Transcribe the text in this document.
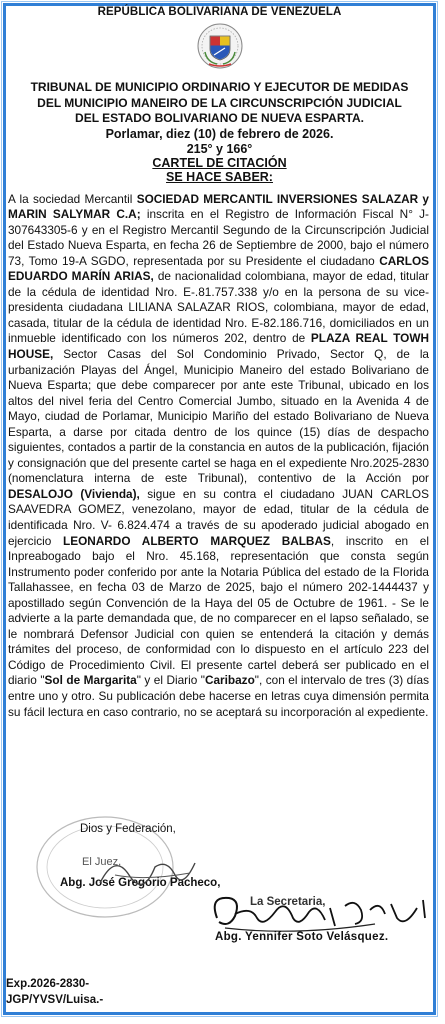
REPÚBLICA BOLIVARIANA DE VENEZUELA
TRIBUNAL DE MUNICIPIO ORDINARIO Y EJECUTOR DE MEDIDAS DEL MUNICIPIO MANEIRO DE LA CIRCUNSCRIPCIÓN JUDICIAL DEL ESTADO BOLIVARIANO DE NUEVA ESPARTA.
Porlamar, diez (10) de febrero de 2026.
215° y 166°
CARTEL DE CITACIÓN
SE HACE SABER:
A la sociedad Mercantil SOCIEDAD MERCANTIL INVERSIONES SALAZAR y MARIN SALYMAR C.A; inscrita en el Registro de Información Fiscal N° J- 307643305-6 y en el Registro Mercantil Segundo de la Circunscripción Judicial del Estado Nueva Esparta, en fecha 26 de Septiembre de 2000, bajo el número 73, Tomo 19-A SGDO, representada por su Presidente el ciudadano CARLOS EDUARDO MARÍN ARIAS, de nacionalidad colombiana, mayor de edad, titular de la cédula de identidad Nro. E-.81.757.338 y/o en la persona de su vice-presidenta ciudadana LILIANA SALAZAR RIOS, colombiana, mayor de edad, casada, titular de la cédula de identidad Nro. E-82.186.716, domiciliados en un inmueble identificado con los números 202, dentro de PLAZA REAL TOWH HOUSE, Sector Casas del Sol Condominio Privado, Sector Q, de la urbanización Playas del Ángel, Municipio Maneiro del estado Bolivariano de Nueva Esparta; que debe comparecer por ante este Tribunal, ubicado en los altos del nivel feria del Centro Comercial Jumbo, situado en la Avenida 4 de Mayo, ciudad de Porlamar, Municipio Mariño del estado Bolivariano de Nueva Esparta, a darse por citada dentro de los quince (15) días de despacho siguientes, contados a partir de la constancia en autos de la publicación, fijación y consignación que del presente cartel se haga en el expediente Nro.2025-2830 (nomenclatura interna de este Tribunal), contentivo de la Acción por DESALOJO (Vivienda), sigue en su contra el ciudadano JUAN CARLOS SAAVEDRA GOMEZ, venezolano, mayor de edad, titular de la cédula de identificada Nro. V- 6.824.474 a través de su apoderado judicial abogado en ejercicio LEONARDO ALBERTO MARQUEZ BALBAS, inscrito en el Inpreabogado bajo el Nro. 45.168, representación que consta según Instrumento poder conferido por ante la Notaria Pública del estado de la Florida Tallahassee, en fecha 03 de Marzo de 2025, bajo el número 202-1444437 y apostillado según Convención de la Haya del 05 de Octubre de 1961. - Se le advierte a la parte demandada que, de no comparecer en el lapso señalado, se le nombrará Defensor Judicial con quien se entenderá la citación y demás trámites del proceso, de conformidad con lo dispuesto en el artículo 223 del Código de Procedimiento Civil. El presente cartel deberá ser publicado en el diario "Sol de Margarita" y el Diario "Caribazo", con el intervalo de tres (3) días entre uno y otro. Su publicación debe hacerse en letras cuya dimensión permita su fácil lectura en caso contrario, no se aceptará su incorporación al expediente.
Dios y Federación,
El Juez,
Abg. José Gregorio Pacheco,
La Secretaria,
Abg. Yennifer Soto Velásquez.
Exp.2026-2830-
JGP/YVSV/Luisa.-
